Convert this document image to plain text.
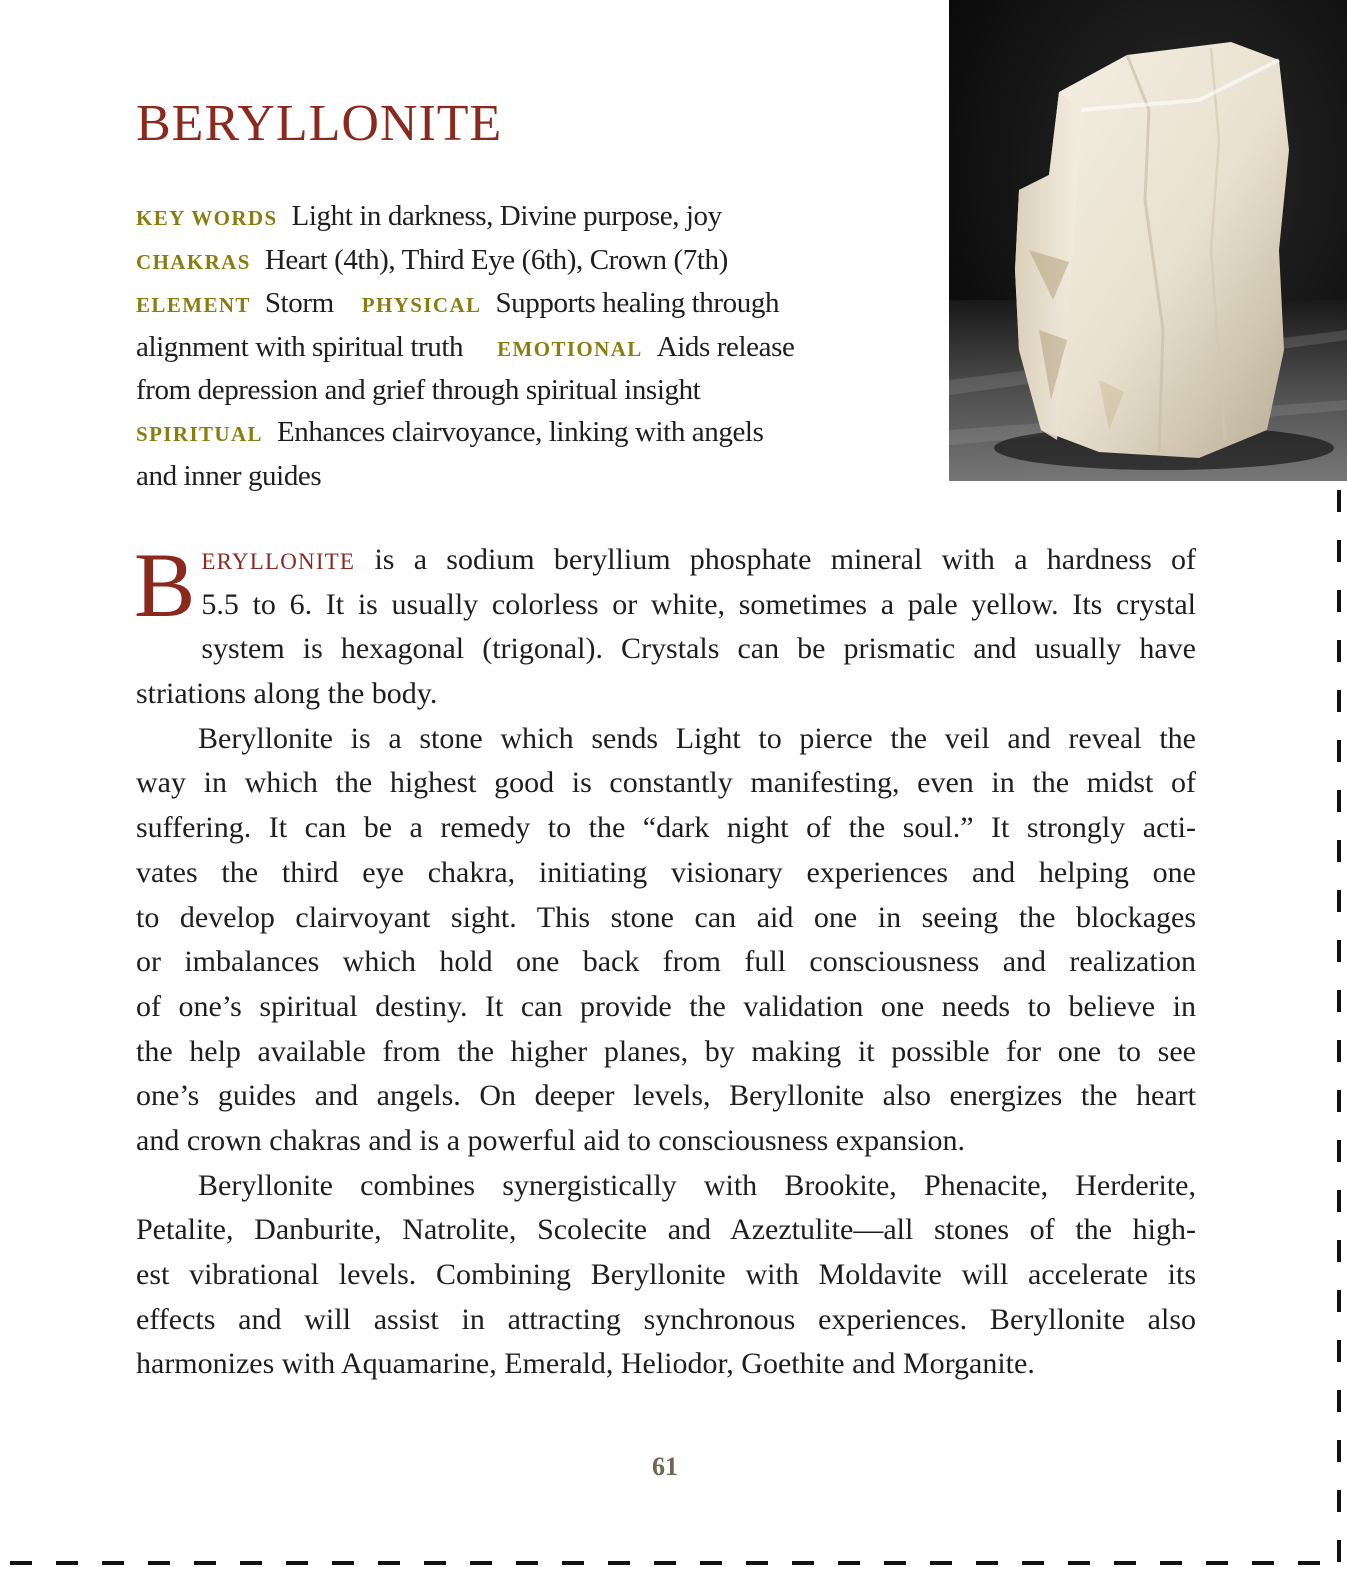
BERYLLONITE
KEY WORDS Light in darkness, Divine purpose, joy
CHAKRAS Heart (4th), Third Eye (6th), Crown (7th)
ELEMENT Storm PHYSICAL Supports healing through
alignment with spiritual truth EMOTIONAL Aids release
from depression and grief through spiritual insight
SPIRITUAL Enhances clairvoyance, linking with angels
and inner guides
B ERYLLONITE is a sodium beryllium phosphate mineral with a hardness of
5.5 to 6. It is usually colorless or white, sometimes a pale yellow. Its crystal
system is hexagonal (trigonal). Crystals can be prismatic and usually have
striations along the body.
Beryllonite is a stone which sends Light to pierce the veil and reveal the
way in which the highest good is constantly manifesting, even in the midst of
suffering. It can be a remedy to the “dark night of the soul.” It strongly acti-
vates the third eye chakra, initiating visionary experiences and helping one
to develop clairvoyant sight. This stone can aid one in seeing the blockages
or imbalances which hold one back from full consciousness and realization
of one’s spiritual destiny. It can provide the validation one needs to believe in
the help available from the higher planes, by making it possible for one to see
one’s guides and angels. On deeper levels, Beryllonite also energizes the heart
and crown chakras and is a powerful aid to consciousness expansion.
Beryllonite combines synergistically with Brookite, Phenacite, Herderite,
Petalite, Danburite, Natrolite, Scolecite and Azeztulite—all stones of the high-
est vibrational levels. Combining Beryllonite with Moldavite will accelerate its
effects and will assist in attracting synchronous experiences. Beryllonite also
harmonizes with Aquamarine, Emerald, Heliodor, Goethite and Morganite.
61
